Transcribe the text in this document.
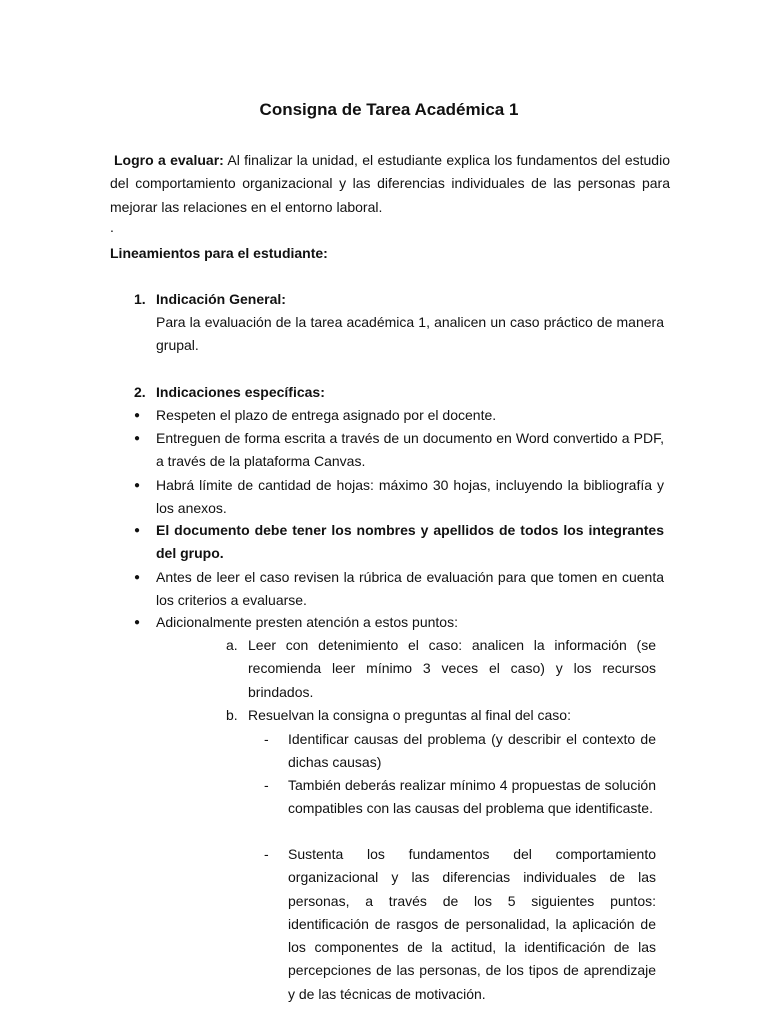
Consigna de Tarea Académica 1
Logro a evaluar: Al finalizar la unidad, el estudiante explica los fundamentos del estudio del comportamiento organizacional y las diferencias individuales de las personas para mejorar las relaciones en el entorno laboral.
.
Lineamientos para el estudiante:
1. Indicación General:
Para la evaluación de la tarea académica 1, analicen un caso práctico de manera grupal.
2. Indicaciones específicas:
●	Respeten el plazo de entrega asignado por el docente.
●	Entreguen de forma escrita a través de un documento en Word convertido a PDF, a través de la plataforma Canvas.
●	Habrá límite de cantidad de hojas: máximo 30 hojas, incluyendo la bibliografía y los anexos.
●	El documento debe tener los nombres y apellidos de todos los integrantes del grupo.
●	Antes de leer el caso revisen la rúbrica de evaluación para que tomen en cuenta los criterios a evaluarse.
●	Adicionalmente presten atención a estos puntos:
a. Leer con detenimiento el caso: analicen la información (se recomienda leer mínimo 3 veces el caso) y los recursos brindados.
b. Resuelvan la consigna o preguntas al final del caso:
- Identificar causas del problema (y describir el contexto de dichas causas)
- También deberás realizar mínimo 4 propuestas de solución compatibles con las causas del problema que identificaste.
- Sustenta los fundamentos del comportamiento organizacional y las diferencias individuales de las personas, a través de los 5 siguientes puntos: identificación de rasgos de personalidad, la aplicación de los componentes de la actitud, la identificación de las percepciones de las personas, de los tipos de aprendizaje y de las técnicas de motivación.
